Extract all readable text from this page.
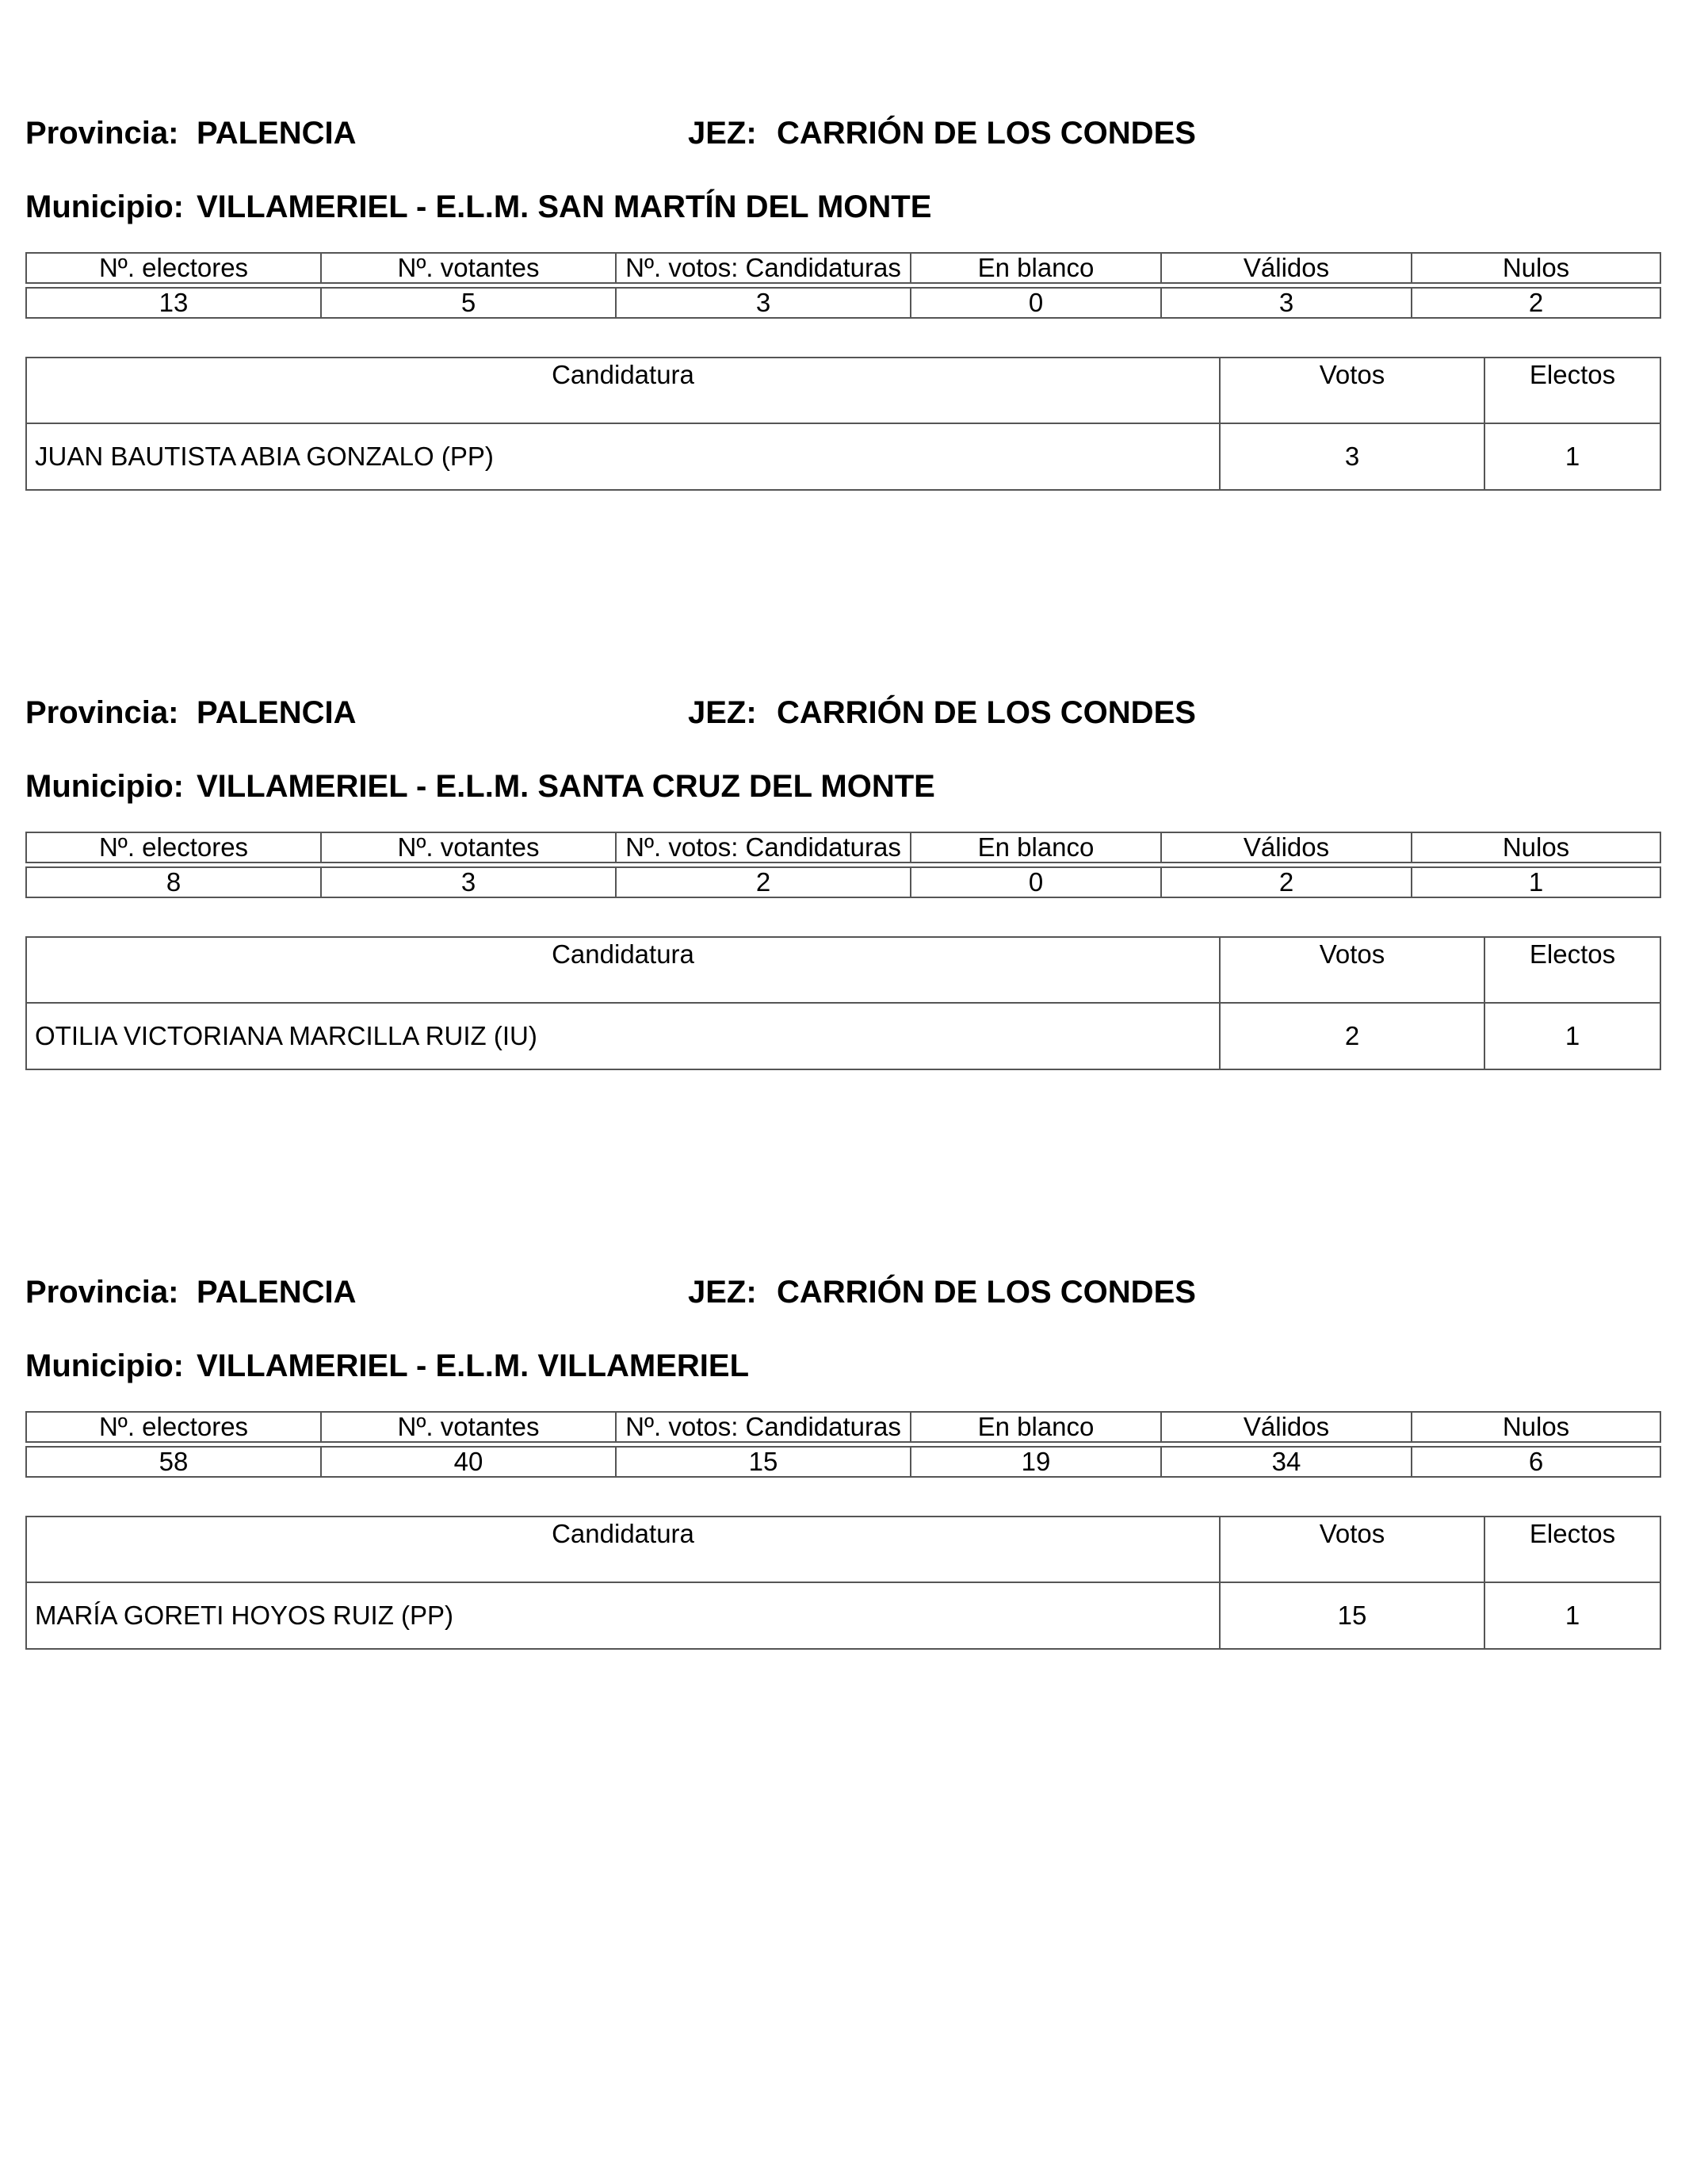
Provincia: PALENCIA	JEZ: CARRIÓN DE LOS CONDES
Municipio: VILLAMERIEL - E.L.M. SAN MARTÍN DEL MONTE
Nº. electores	Nº. votantes	Nº. votos: Candidaturas	En blanco	Válidos	Nulos

13	5	3	0	3	2
Candidatura	Votos	Electos
JUAN BAUTISTA ABIA GONZALO (PP)	3	1
Provincia: PALENCIA	JEZ: CARRIÓN DE LOS CONDES
Municipio: VILLAMERIEL - E.L.M. SANTA CRUZ DEL MONTE
Nº. electores	Nº. votantes	Nº. votos: Candidaturas	En blanco	Válidos	Nulos

8	3	2	0	2	1
Candidatura	Votos	Electos
OTILIA VICTORIANA MARCILLA RUIZ (IU)	2	1
Provincia: PALENCIA	JEZ: CARRIÓN DE LOS CONDES
Municipio: VILLAMERIEL - E.L.M. VILLAMERIEL
Nº. electores	Nº. votantes	Nº. votos: Candidaturas	En blanco	Válidos	Nulos

58	40	15	19	34	6
Candidatura	Votos	Electos
MARÍA GORETI HOYOS RUIZ (PP)	15	1
